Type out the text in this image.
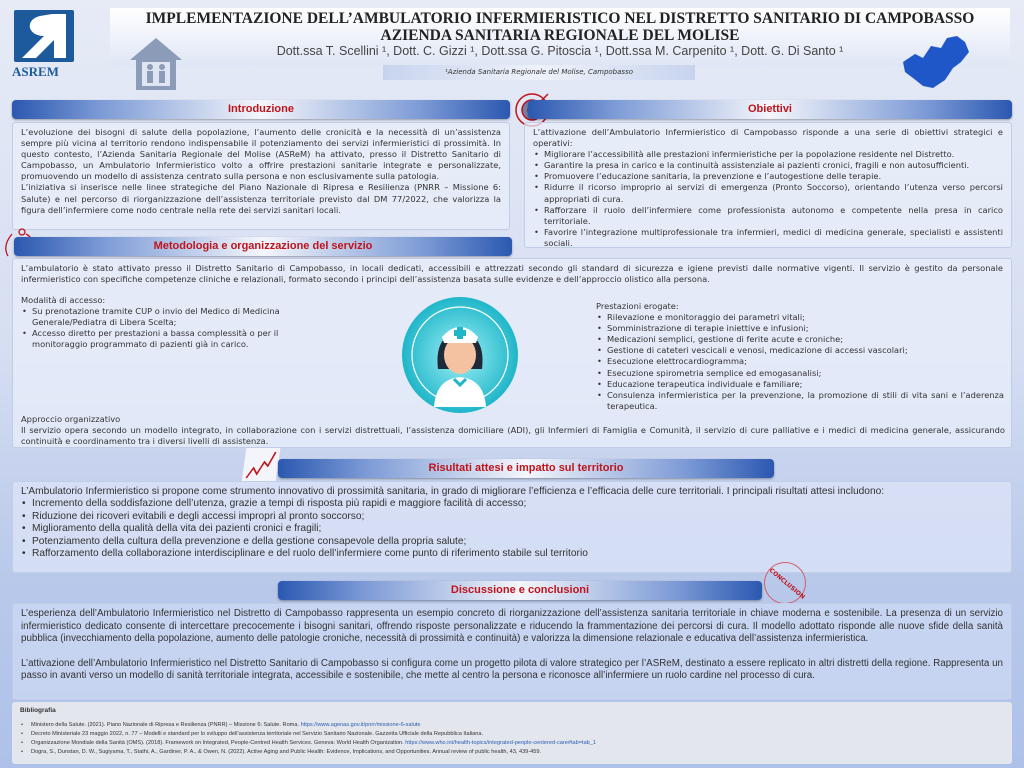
ASREM
IMPLEMENTAZIONE DELL’AMBULATORIO INFERMIERISTICO NEL DISTRETTO SANITARIO DI CAMPOBASSO
AZIENDA SANITARIA REGIONALE DEL MOLISE
Dott.ssa T. Scellini ¹, Dott. C. Gizzi ¹, Dott.ssa G. Pitoscia ¹, Dott.ssa M. Carpenito ¹, Dott. G. Di Santo ¹
¹Azienda Sanitaria Regionale del Molise, Campobasso
Introduzione

L’evoluzione dei bisogni di salute della popolazione, l’aumento delle cronicità e la necessità di un’assistenza sempre più vicina al territorio rendono indispensabile il potenziamento dei servizi infermieristici di prossimità. In questo contesto, l’Azienda Sanitaria Regionale del Molise (ASReM) ha attivato, presso il Distretto Sanitario di Campobasso, un Ambulatorio Infermieristico volto a offrire prestazioni sanitarie integrate e personalizzate, promuovendo un modello di assistenza centrato sulla persona e non esclusivamente sulla patologia.

L’iniziativa si inserisce nelle linee strategiche del Piano Nazionale di Ripresa e Resilienza (PNRR – Missione 6: Salute) e nel percorso di riorganizzazione dell’assistenza territoriale previsto dal DM 77/2022, che valorizza la figura dell’infermiere come nodo centrale nella rete dei servizi sanitari locali.

Obiettivi

L’attivazione dell’Ambulatorio Infermieristico di Campobasso risponde a una serie di obiettivi strategici e operativi:

• Migliorare l’accessibilità alle prestazioni infermieristiche per la popolazione residente nel Distretto.
• Garantire la presa in carico e la continuità assistenziale ai pazienti cronici, fragili e non autosufficienti.
• Promuovere l’educazione sanitaria, la prevenzione e l’autogestione delle terapie.
• Ridurre il ricorso improprio ai servizi di emergenza (Pronto Soccorso), orientando l’utenza verso percorsi appropriati di cura.
• Rafforzare il ruolo dell’infermiere come professionista autonomo e competente nella presa in carico territoriale.
• Favorire l’integrazione multiprofessionale tra infermieri, medici di medicina generale, specialisti e assistenti sociali.
Metodologia e organizzazione del servizio

L’ambulatorio è stato attivato presso il Distretto Sanitario di Campobasso, in locali dedicati, accessibili e attrezzati secondo gli standard di sicurezza e igiene previsti dalle normative vigenti. Il servizio è gestito da personale infermieristico con specifiche competenze cliniche e relazionali, formato secondo i principi dell’assistenza basata sulle evidenze e dell’approccio olistico alla persona.

Modalità di accesso:

• Su prenotazione tramite CUP o invio del Medico di Medicina Generale/Pediatra di Libera Scelta;
• Accesso diretto per prestazioni a bassa complessità o per il monitoraggio programmato di pazienti già in carico.

Prestazioni erogate:

• Rilevazione e monitoraggio dei parametri vitali;
• Somministrazione di terapie iniettive e infusioni;
• Medicazioni semplici, gestione di ferite acute e croniche;
• Gestione di cateteri vescicali e venosi, medicazione di accessi vascolari;
• Esecuzione elettrocardiogramma;
• Esecuzione spirometria semplice ed emogasanalisi;
• Educazione terapeutica individuale e familiare;
• Consulenza infermieristica per la prevenzione, la promozione di stili di vita sani e l’aderenza terapeutica.

Approccio organizzativo

Il servizio opera secondo un modello integrato, in collaborazione con i servizi distrettuali, l’assistenza domiciliare (ADI), gli Infermieri di Famiglia e Comunità, il servizio di cure palliative e i medici di medicina generale, assicurando continuità e coordinamento tra i diversi livelli di assistenza.

Risultati attesi e impatto sul territorio

L’Ambulatorio Infermieristico si propone come strumento innovativo di prossimità sanitaria, in grado di migliorare l’efficienza e l’efficacia delle cure territoriali. I principali risultati attesi includono:

• Incremento della soddisfazione dell’utenza, grazie a tempi di risposta più rapidi e maggiore facilità di accesso;
• Riduzione dei ricoveri evitabili e degli accessi impropri al pronto soccorso;
• Miglioramento della qualità della vita dei pazienti cronici e fragili;
• Potenziamento della cultura della prevenzione e della gestione consapevole della propria salute;
• Rafforzamento della collaborazione interdisciplinare e del ruolo dell’infermiere come punto di riferimento stabile sul territorio
Discussione e conclusioni	CONCLUSION

L’esperienza dell’Ambulatorio Infermieristico nel Distretto di Campobasso rappresenta un esempio concreto di riorganizzazione dell’assistenza sanitaria territoriale in chiave moderna e sostenibile. La presenza di un servizio infermieristico dedicato consente di intercettare precocemente i bisogni sanitari, offrendo risposte personalizzate e riducendo la frammentazione dei percorsi di cura. Il modello adottato risponde alle nuove sfide della sanità pubblica (invecchiamento della popolazione, aumento delle patologie croniche, necessità di prossimità e continuità) e valorizza la dimensione relazionale e educativa dell’assistenza infermieristica.

L’attivazione dell’Ambulatorio Infermieristico nel Distretto Sanitario di Campobasso si configura come un progetto pilota di valore strategico per l’ASReM, destinato a essere replicato in altri distretti della regione. Rappresenta un passo in avanti verso un modello di sanità territoriale integrata, accessibile e sostenibile, che mette al centro la persona e riconosce all’infermiere un ruolo cardine nel processo di cura.

Bibliografia

• Ministero della Salute. (2021). Piano Nazionale di Ripresa e Resilienza (PNRR) – Missione 6: Salute. Roma. https://www.agenas.gov.it/pnrr/missione-6-salute
• Decreto Ministeriale 23 maggio 2022, n. 77 – Modelli e standard per lo sviluppo dell’assistenza territoriale nel Servizio Sanitario Nazionale. Gazzetta Ufficiale della Repubblica Italiana.
• Organizzazione Mondiale della Sanità (OMS). (2018). Framework on Integrated, People-Centred Health Services. Geneva: World Health Organization. https://www.who.int/health-topics/integrated-people-centered-care#tab=tab_1
• Dogra, S., Dunstan, D. W., Sugiyama, T., Stathi, A., Gardiner, P. A., & Owen, N. (2022). Active Aging and Public Health: Evidence, Implications, and Opportunities. Annual review of public health, 43, 439-459.
